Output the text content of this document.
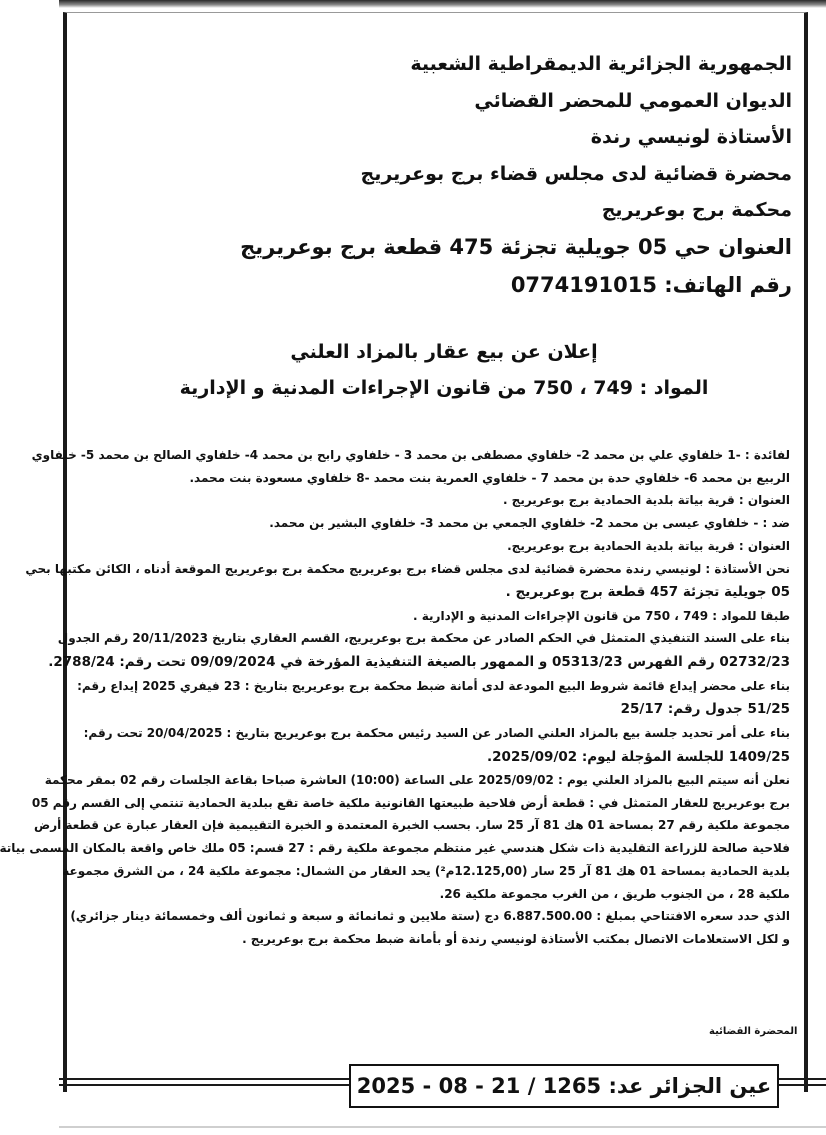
الجمهورية الجزائرية الديمقراطية الشعبية
الديوان العمومي للمحضر القضائي
الأستاذة لونيسي رندة
محضرة قضائية لدى مجلس قضاء برج بوعريريج
محكمة برج بوعريريج
العنوان حي 05 جويلية تجزئة 475 قطعة برج بوعريريج
رقم الهاتف: 0774191015
إعلان عن بيع عقار بالمزاد العلني
المواد : 749 ، 750 من قانون الإجراءات المدنية و الإدارية
لفائدة : -1 خلفاوي علي بن محمد 2- خلفاوي مصطفى بن محمد 3 - خلفاوي رابح بن محمد 4- خلفاوي الصالح بن محمد 5- خلفاوي
الربيع بن محمد 6- خلفاوي حدة بن محمد 7 - خلفاوي العمرية بنت محمد -8 خلفاوي مسعودة بنت محمد.
العنوان : قرية بياتة بلدية الحمادية برج بوعريريج .
ضد : - خلفاوي عيسى بن محمد 2- خلفاوي الجمعي بن محمد 3- خلفاوي البشير بن محمد.
العنوان : قرية بياتة بلدية الحمادية برج بوعريريج.
نحن الأستاذة : لونيسي رندة محضرة قضائية لدى مجلس قضاء برج بوعريريج محكمة برج بوعريريج الموقعة أدناه ، الكائن مكتبها بحي
05 جويلية تجزئة 457 قطعة برج بوعريريج .
طبقا للمواد : 749 ، 750 من قانون الإجراءات المدنية و الإدارية .
بناء على السند التنفيذي المتمثل في الحكم الصادر عن محكمة برج بوعريريج، القسم العقاري بتاريخ 20/11/2023 رقم الجدول
02732/23 رقم الفهرس 05313/23 و الممهور بالصيغة التنفيذية المؤرخة في 09/09/2024 تحت رقم: 2788/24.
بناء على محضر إيداع قائمة شروط البيع المودعة لدى أمانة ضبط محكمة برج بوعريريج بتاريخ : 23 فيفري 2025 إيداع رقم:
51/25 جدول رقم: 25/17
بناء على أمر تحديد جلسة بيع بالمزاد العلني الصادر عن السيد رئيس محكمة برج بوعريريج بتاريخ : 20/04/2025 تحت رقم:
1409/25 للجلسة المؤجلة ليوم: 2025/09/02.
نعلن أنه سيتم البيع بالمزاد العلني يوم : 2025/09/02 على الساعة (10:00) العاشرة صباحا بقاعة الجلسات رقم 02 بمقر محكمة
برج بوعريريج للعقار المتمثل في : قطعة أرض فلاحية طبيعتها القانونية ملكية خاصة تقع ببلدية الحمادية تنتمي إلى القسم رقم 05
مجموعة ملكية رقم 27 بمساحة 01 هك 81 آر 25 سار. بحسب الخبرة المعتمدة و الخبرة التقييمية فإن العقار عبارة عن قطعة أرض
فلاحية صالحة للزراعة التقليدية ذات شكل هندسي غير منتظم مجموعة ملكية رقم : 27 قسم: 05 ملك خاص واقعة بالمكان المسمى بياتة
بلدية الحمادية بمساحة 01 هك 81 آر 25 سار (12.125,00م²) يحد العقار من الشمال: مجموعة ملكية 24 ، من الشرق مجموعة
ملكية 28 ، من الجنوب طريق ، من الغرب مجموعة ملكية 26.
الذي حدد سعره الافتتاحي بمبلغ : 6.887.500.00 دج (ستة ملايين و ثمانمائة و سبعة و ثمانون ألف وخمسمائة دينار جزائري)
و لكل الاستعلامات الاتصال بمكتب الأستاذة لونيسي رندة أو بأمانة ضبط محكمة برج بوعريريج .
المحضرة القضائية
عين الجزائر عد: 1265 / 21 - 08 - 2025
